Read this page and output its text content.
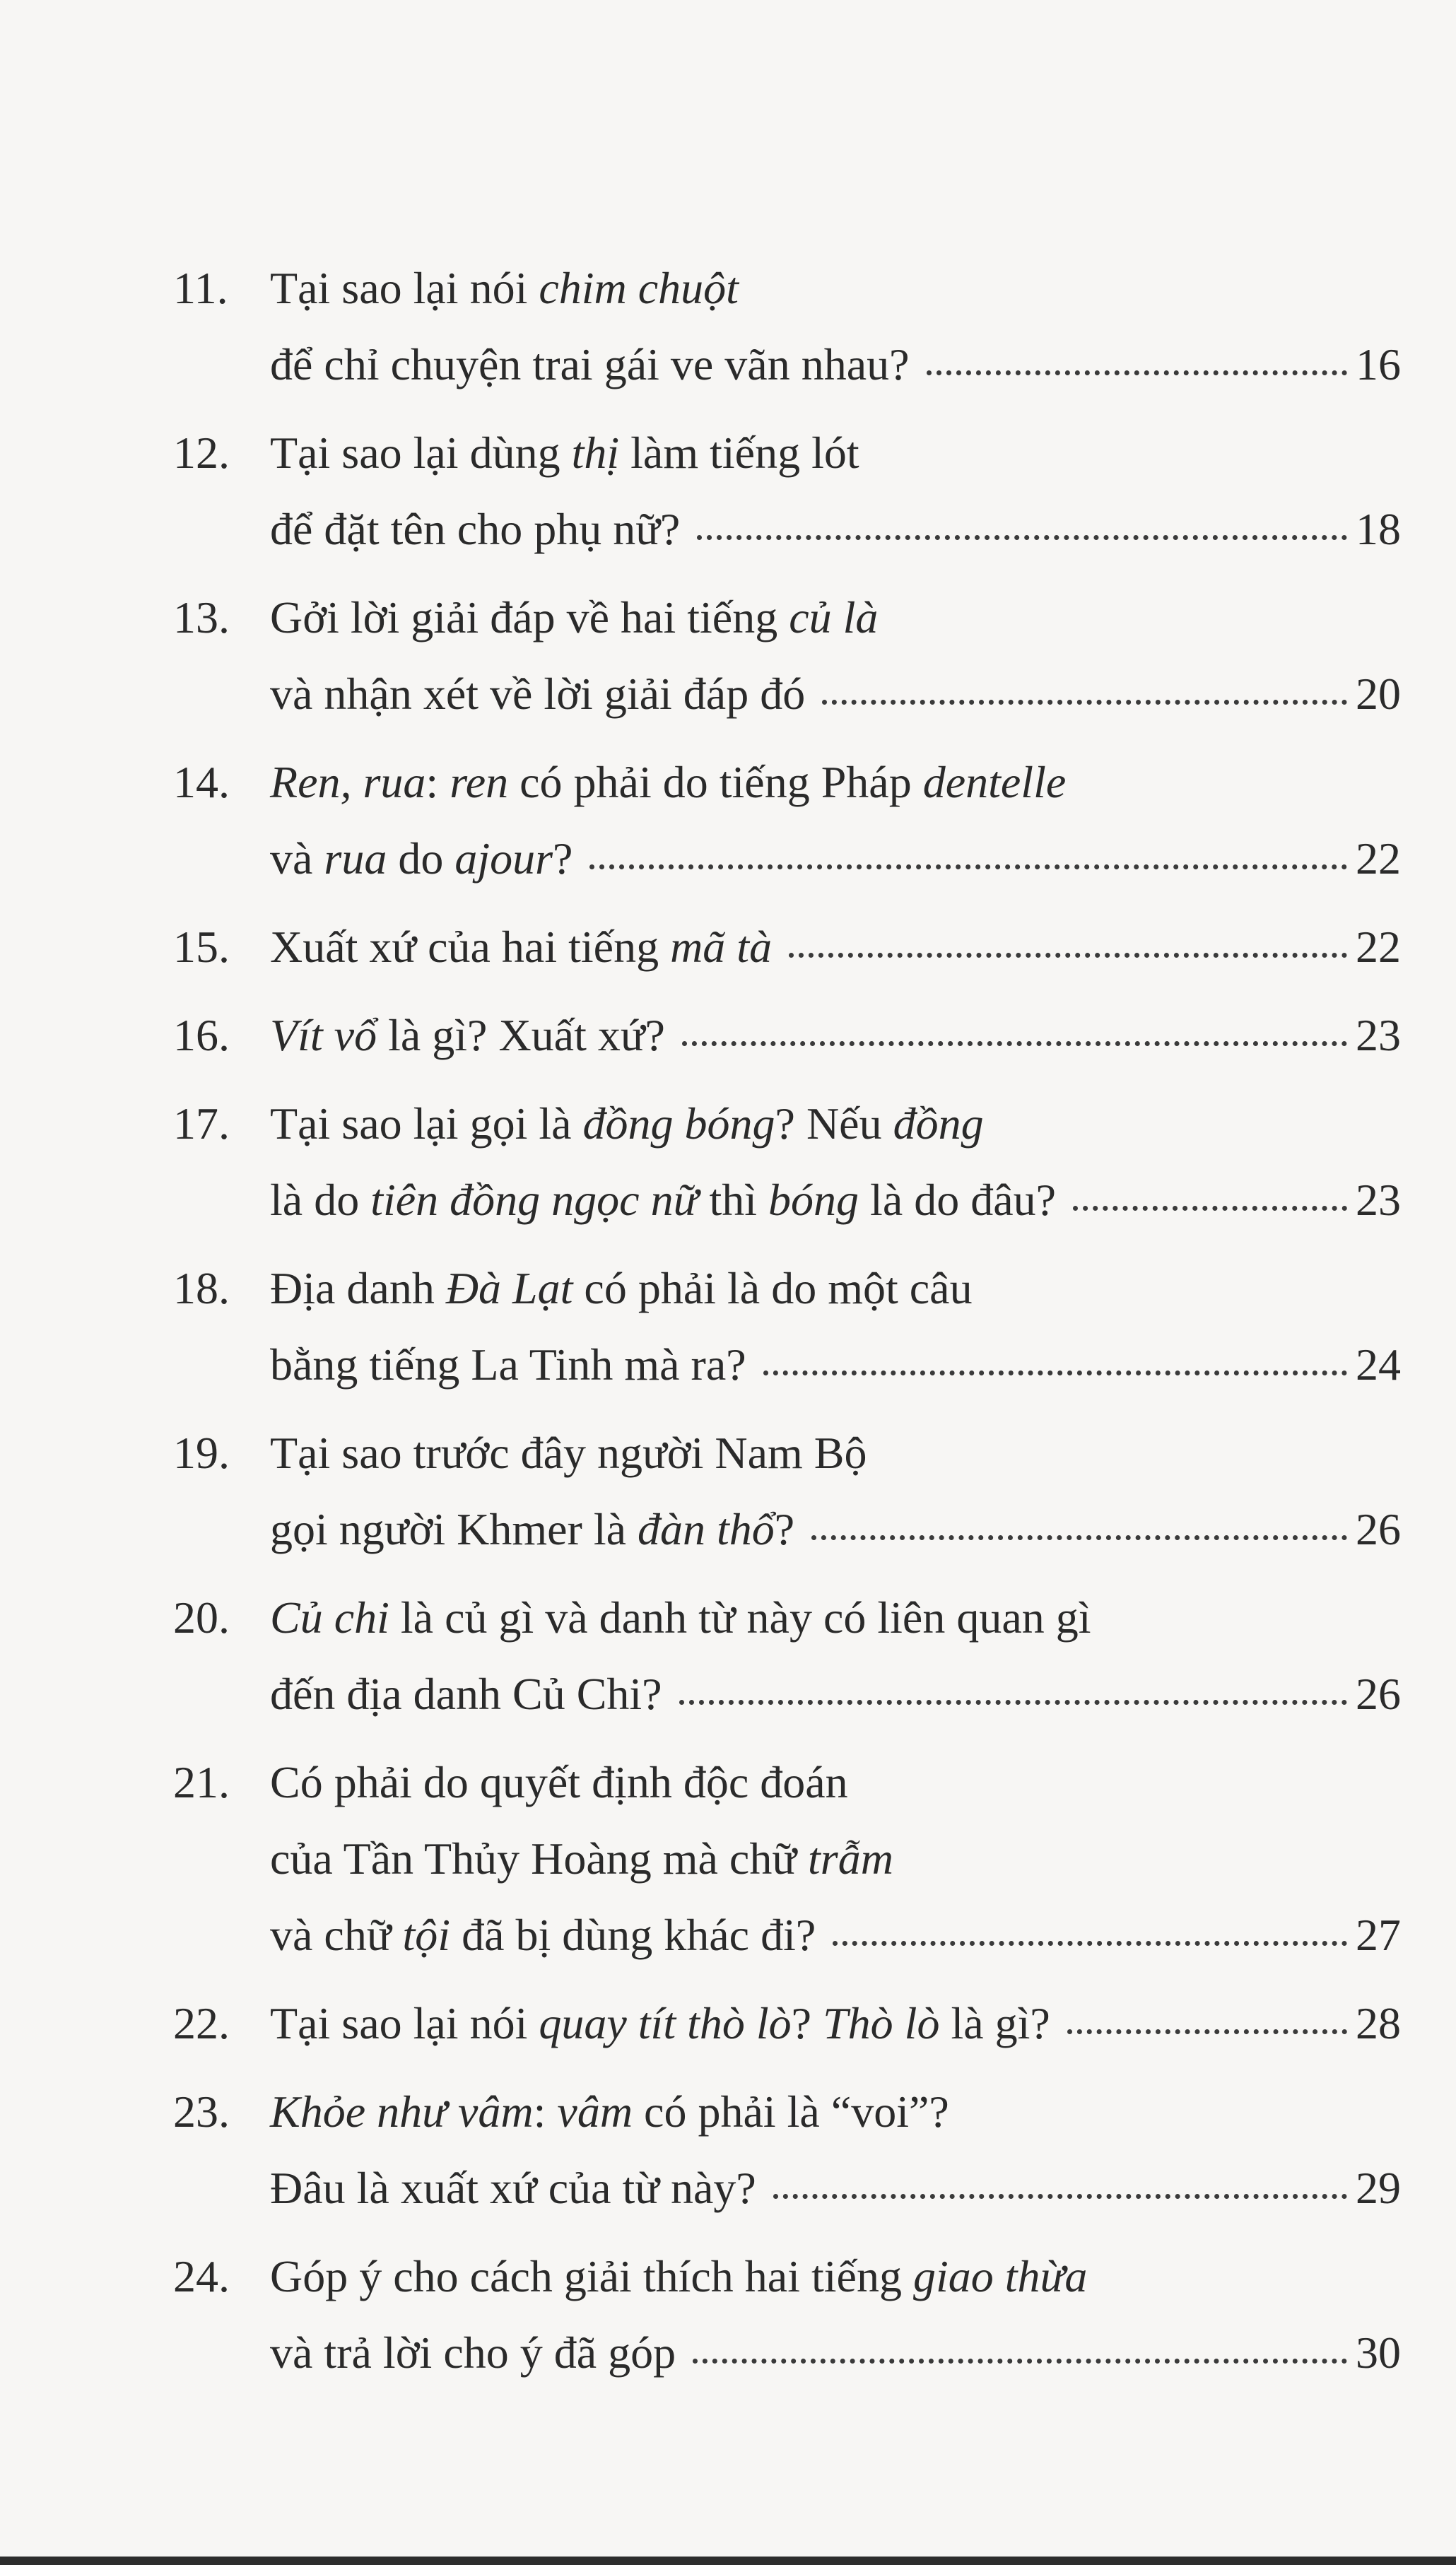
11. Tại sao lại nói chim chuột
để chỉ chuyện trai gái ve vãn nhau?	16
12. Tại sao lại dùng thị làm tiếng lót
để đặt tên cho phụ nữ?	18
13. Gởi lời giải đáp về hai tiếng củ là
và nhận xét về lời giải đáp đó	20
14. Ren, rua: ren có phải do tiếng Pháp dentelle
và rua do ajour?	22
15. Xuất xứ của hai tiếng mã tà	22
16. Vít vổ là gì? Xuất xứ?	23
17. Tại sao lại gọi là đồng bóng? Nếu đồng
là do tiên đồng ngọc nữ thì bóng là do đâu?	23
18. Địa danh Đà Lạt có phải là do một câu
bằng tiếng La Tinh mà ra?	24
19. Tại sao trước đây người Nam Bộ
gọi người Khmer là đàn thổ?	26
20. Củ chi là củ gì và danh từ này có liên quan gì
đến địa danh Củ Chi?	26
21. Có phải do quyết định độc đoán
của Tần Thủy Hoàng mà chữ trẫm
và chữ tội đã bị dùng khác đi?	27
22. Tại sao lại nói quay tít thò lò? Thò lò là gì?	28
23. Khỏe như vâm: vâm có phải là “voi”?
Đâu là xuất xứ của từ này?	29
24. Góp ý cho cách giải thích hai tiếng giao thừa
và trả lời cho ý đã góp	30
